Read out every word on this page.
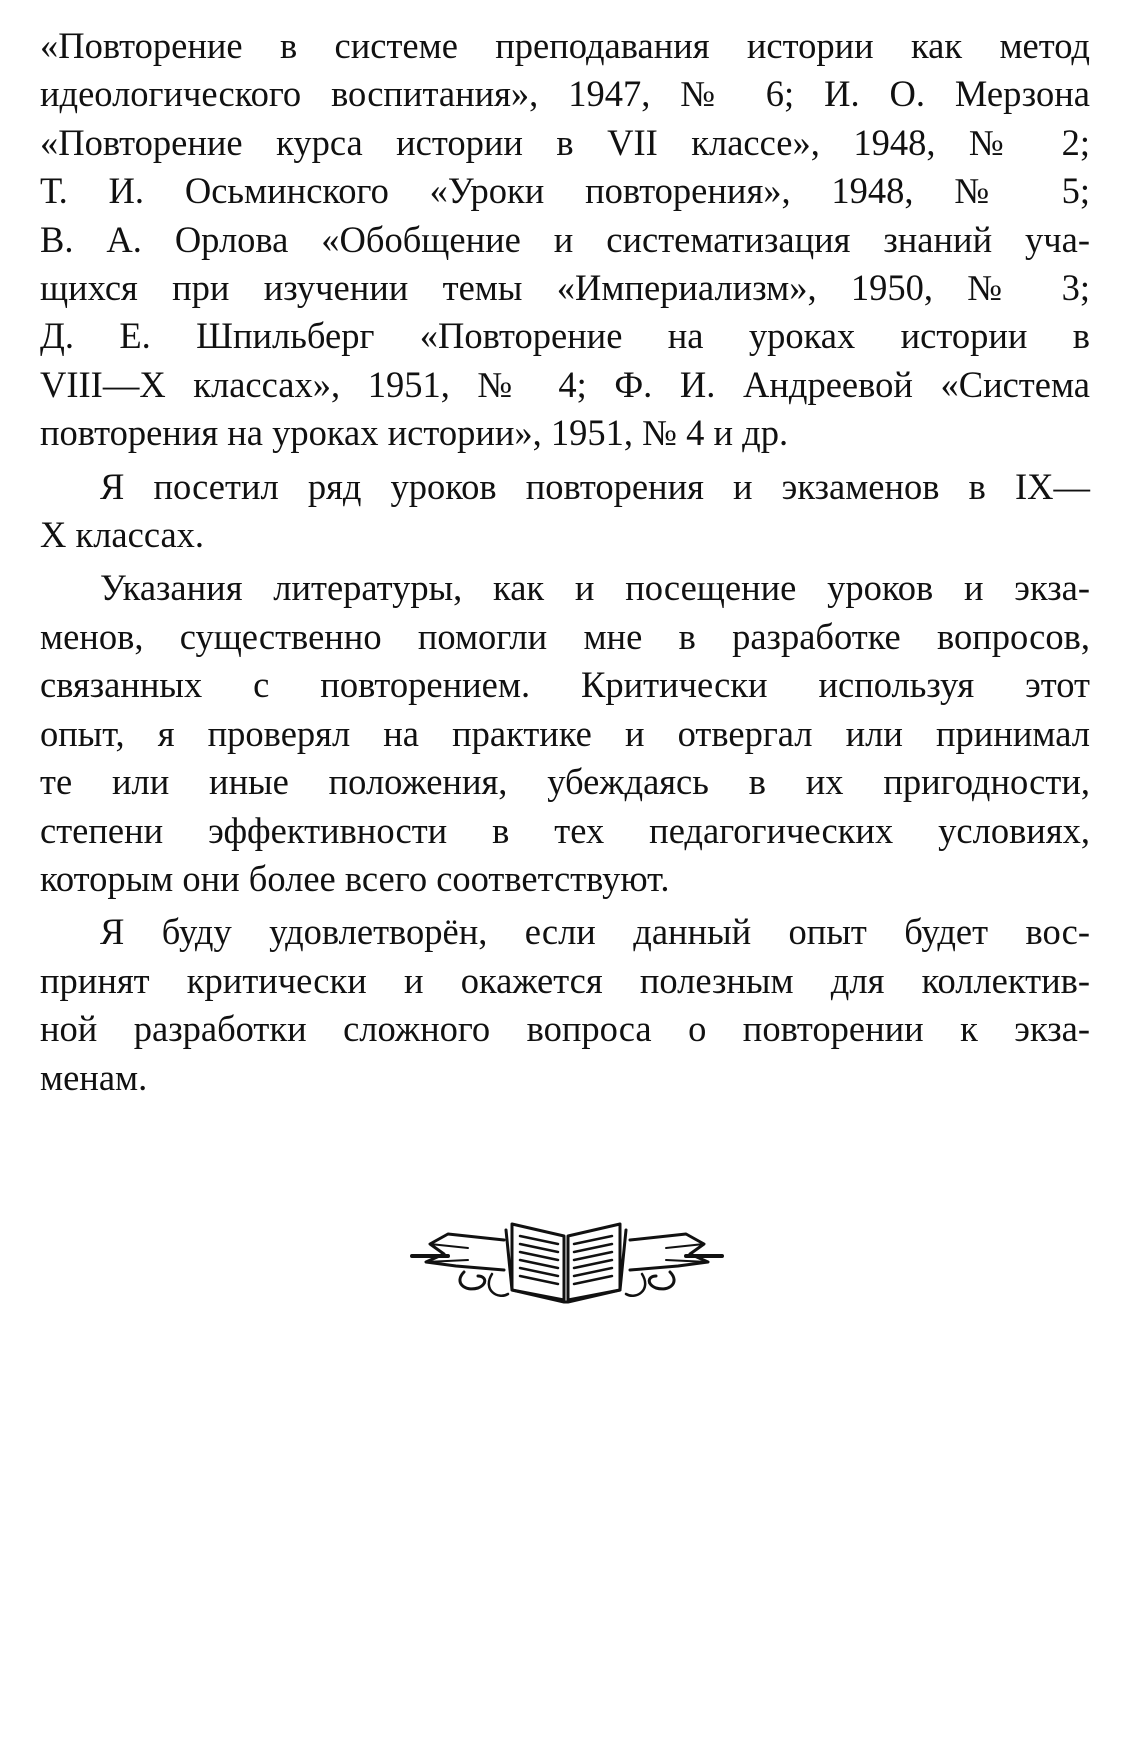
«Повторение в системе преподавания истории как метод
идеологического воспитания», 1947, № 6; И. О. Мерзона
«Повторение курса истории в VII классе», 1948, № 2;
Т. И. Осьминского «Уроки повторения», 1948, № 5;
В. А. Орлова «Обобщение и систематизация знаний уча-
щихся при изучении темы «Империализм», 1950, № 3;
Д. Е. Шпильберг «Повторение на уроках истории в
VIII—X классах», 1951, № 4; Ф. И. Андреевой «Система
повторения на уроках истории», 1951, № 4 и др.

Я посетил ряд уроков повторения и экзаменов в IX—
X классах.

Указания литературы, как и посещение уроков и экза-
менов, существенно помогли мне в разработке вопросов,
связанных с повторением. Критически используя этот
опыт, я проверял на практике и отвергал или принимал
те или иные положения, убеждаясь в их пригодности,
степени эффективности в тех педагогических условиях,
которым они более всего соответствуют.

Я буду удовлетворён, если данный опыт будет вос-
принят критически и окажется полезным для коллектив-
ной разработки сложного вопроса о повторении к экза-
менам.
